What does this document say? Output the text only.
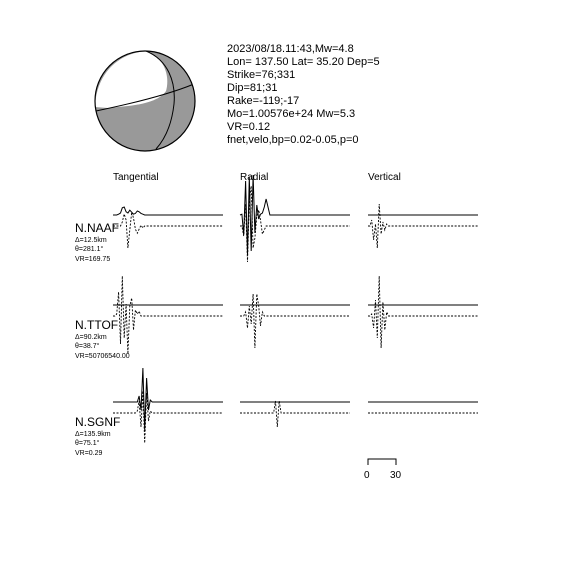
2023/08/18.11:43,Mw=4.8
Lon= 137.50 Lat= 35.20 Dep=5
Strike=76;331
Dip=81;31
Rake=-119;-17
Mo=1.00576e+24 Mw=5.3
VR=0.12
fnet,velo,bp=0.02-0.05,p=0
Tangential	Radial	Vertical
N.NAAF
Δ=12.5km
θ=281.1°
VR=169.75
N.TTOF
Δ=90.2km
θ=38.7°
VR=50706540.00
N.SGNF
Δ=135.9km
θ=75.1°
VR=0.29
0 30
